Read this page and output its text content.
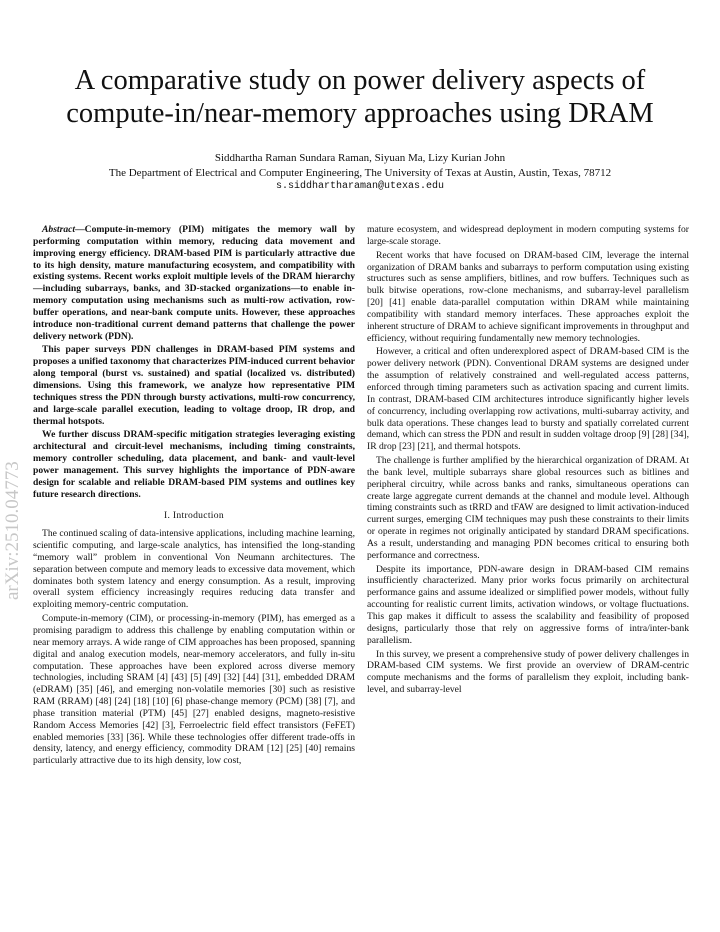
A comparative study on power delivery aspects of
compute-in/near-memory approaches using DRAM
Siddhartha Raman Sundara Raman, Siyuan Ma, Lizy Kurian John
The Department of Electrical and Computer Engineering, The University of Texas at Austin, Austin, Texas, 78712
s.siddhartharaman@utexas.edu
arXiv:2510.04773

Abstract—Compute-in-memory (PIM) mitigates the memory wall by performing computation within memory, reducing data movement and improving energy efficiency. DRAM-based PIM is particularly attractive due to its high density, mature manufacturing ecosystem, and compatibility with existing systems. Recent works exploit multiple levels of the DRAM hierarchy—including subarrays, banks, and 3D-stacked organizations—to enable in-memory computation using mechanisms such as multi-row activation, row-buffer operations, and near-bank compute units. However, these approaches introduce non-traditional current demand patterns that challenge the power delivery network (PDN).

This paper surveys PDN challenges in DRAM-based PIM systems and proposes a unified taxonomy that characterizes PIM-induced current behavior along temporal (burst vs. sustained) and spatial (localized vs. distributed) dimensions. Using this framework, we analyze how representative PIM techniques stress the PDN through bursty activations, multi-row concurrency, and large-scale parallel execution, leading to voltage droop, IR drop, and thermal hotspots.

We further discuss DRAM-specific mitigation strategies leveraging existing architectural and circuit-level mechanisms, including timing constraints, memory controller scheduling, data placement, and bank- and vault-level power management. This survey highlights the importance of PDN-aware design for scalable and reliable DRAM-based PIM systems and outlines key future research directions.

I. Introduction

The continued scaling of data-intensive applications, including machine learning, scientific computing, and large-scale analytics, has intensified the long-standing “memory wall” problem in conventional Von Neumann architectures. The separation between compute and memory leads to excessive data movement, which dominates both system latency and energy consumption. As a result, improving overall system efficiency increasingly requires reducing data transfer and exploiting memory-centric computation.

Compute-in-memory (CIM), or processing-in-memory (PIM), has emerged as a promising paradigm to address this challenge by enabling computation within or near memory arrays. A wide range of CIM approaches has been proposed, spanning digital and analog execution models, near-memory accelerators, and fully in-situ computation. These approaches have been explored across diverse memory technologies, including SRAM [4] [43] [5] [49] [32] [44] [31], embedded DRAM (eDRAM) [35] [46], and emerging non-volatile memories [30] such as resistive RAM (RRAM) [48] [24] [18] [10] [6] phase-change memory (PCM) [38] [7], and phase transition material (PTM) [45] [27] enabled designs, magneto-resistive Random Access Memories [42] [3], Ferroelectric field effect transistors (FeFET) enabled memories [33] [36]. While these technologies offer different trade-offs in density, latency, and energy efficiency, commodity DRAM [12] [25] [40] remains particularly attractive due to its high density, low cost,

mature ecosystem, and widespread deployment in modern computing systems for large-scale storage.

Recent works that have focused on DRAM-based CIM, leverage the internal organization of DRAM banks and subarrays to perform computation using existing structures such as sense amplifiers, bitlines, and row buffers. Techniques such as bulk bitwise operations, row-clone mechanisms, and subarray-level parallelism [20] [41] enable data-parallel computation within DRAM while maintaining compatibility with standard memory interfaces. These approaches exploit the inherent structure of DRAM to achieve significant improvements in throughput and efficiency, without requiring fundamentally new memory technologies.

However, a critical and often underexplored aspect of DRAM-based CIM is the power delivery network (PDN). Conventional DRAM systems are designed under the assumption of relatively constrained and well-regulated access patterns, enforced through timing parameters such as activation spacing and current limits. In contrast, DRAM-based CIM architectures introduce significantly higher levels of concurrency, including overlapping row activations, multi-subarray activity, and bulk data operations. These changes lead to bursty and spatially correlated current demand, which can stress the PDN and result in sudden voltage droop [9] [28] [34], IR drop [23] [21], and thermal hotspots.

The challenge is further amplified by the hierarchical organization of DRAM. At the bank level, multiple subarrays share global resources such as bitlines and peripheral circuitry, while across banks and ranks, simultaneous operations can create large aggregate current demands at the channel and module level. Although timing constraints such as tRRD and tFAW are designed to limit activation-induced current surges, emerging CIM techniques may push these constraints to their limits or operate in regimes not originally anticipated by standard DRAM specifications. As a result, understanding and managing PDN becomes critical to ensuring both performance and correctness.

Despite its importance, PDN-aware design in DRAM-based CIM remains insufficiently characterized. Many prior works focus primarily on architectural performance gains and assume idealized or simplified power models, without fully accounting for realistic current limits, activation windows, or voltage fluctuations. This gap makes it difficult to assess the scalability and feasibility of proposed designs, particularly those that rely on aggressive forms of intra/inter-bank parallelism.

In this survey, we present a comprehensive study of power delivery challenges in DRAM-based CIM systems. We first provide an overview of DRAM-centric compute mechanisms and the forms of parallelism they exploit, including bank-level, and subarray-level
